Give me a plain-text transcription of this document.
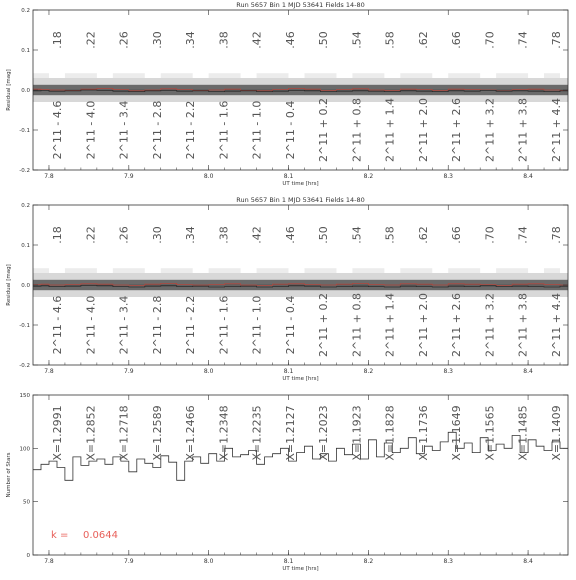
Run 5657 Bin 1 MJD 53641 Fields 14-80
7.8	7.9	8.0	8.1	8.2	8.3	8.4
UT time [hrs]
-0.2
-0.1
0.0
0.1
0.2
Residual [mag]
.18 .22 .26 .30 .34 .38 .42 .46 .50 .54 .58 .62 .66 .70 .74 .78
2^11 - 4.6 2^11 - 4.0 2^11 - 3.4 2^11 - 2.8 2^11 - 2.2 2^11 - 1.6 2^11 - 1.0 2^11 - 0.4 2^11 + 0.2 2^11 + 0.8 2^11 + 1.4 2^11 + 2.0 2^11 + 2.6 2^11 + 3.2 2^11 + 3.8 2^11 + 4.4
Run 5657 Bin 1 MJD 53641 Fields 14-80
7.8	7.9	8.0	8.1	8.2	8.3	8.4
UT time [hrs]
-0.2
-0.1
0.0
0.1
0.2
Residual [mag]
.18 .22 .26 .30 .34 .38 .42 .46 .50 .54 .58 .62 .66 .70 .74 .78
2^11 - 4.6 2^11 - 4.0 2^11 - 3.4 2^11 - 2.8 2^11 - 2.2 2^11 - 1.6 2^11 - 1.0 2^11 - 0.4 2^11 + 0.2 2^11 + 0.8 2^11 + 1.4 2^11 + 2.0 2^11 + 2.6 2^11 + 3.2 2^11 + 3.8 2^11 + 4.4
7.8	7.9	8.0	8.1	8.2	8.3	8.4
UT time [hrs]
0
50
100
150
Number of Stars
X=1.2991 X=1.2852 X=1.2718 X=1.2589 X=1.2466 X=1.2348 X=1.2235 X=1.2127 X=1.2023 X=1.1923 X=1.1828 X=1.1736 X=1.1649 X=1.1565 X=1.1485 X=1.1409
k = 0.0644
